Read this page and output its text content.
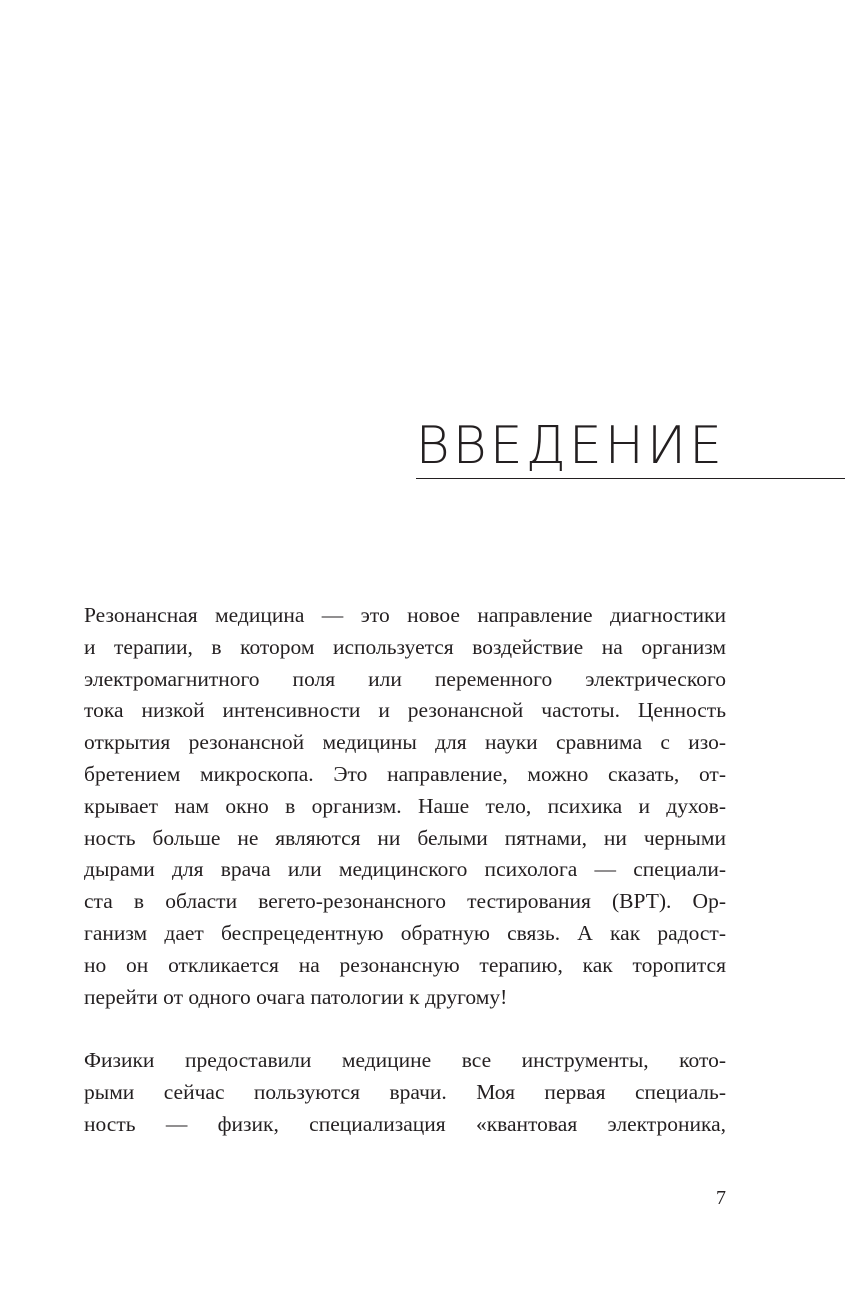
ВВЕДЕНИЕ

Резонансная медицина — это новое направление диагностики
и терапии, в котором используется воздействие на организм
электромагнитного поля или переменного электрического
тока низкой интенсивности и резонансной частоты. Ценность
открытия резонансной медицины для науки сравнима с изо-
бретением микроскопа. Это направление, можно сказать, от-
крывает нам окно в организм. Наше тело, психика и духов-
ность больше не являются ни белыми пятнами, ни черными
дырами для врача или медицинского психолога — специали-
ста в области вегето-резонансного тестирования (ВРТ). Ор-
ганизм дает беспрецедентную обратную связь. А как радост-
но он откликается на резонансную терапию, как торопится
перейти от одного очага патологии к другому!

Физики предоставили медицине все инструменты, кото-
рыми сейчас пользуются врачи. Моя первая специаль-
ность — физик, специализация «квантовая электроника,

7
